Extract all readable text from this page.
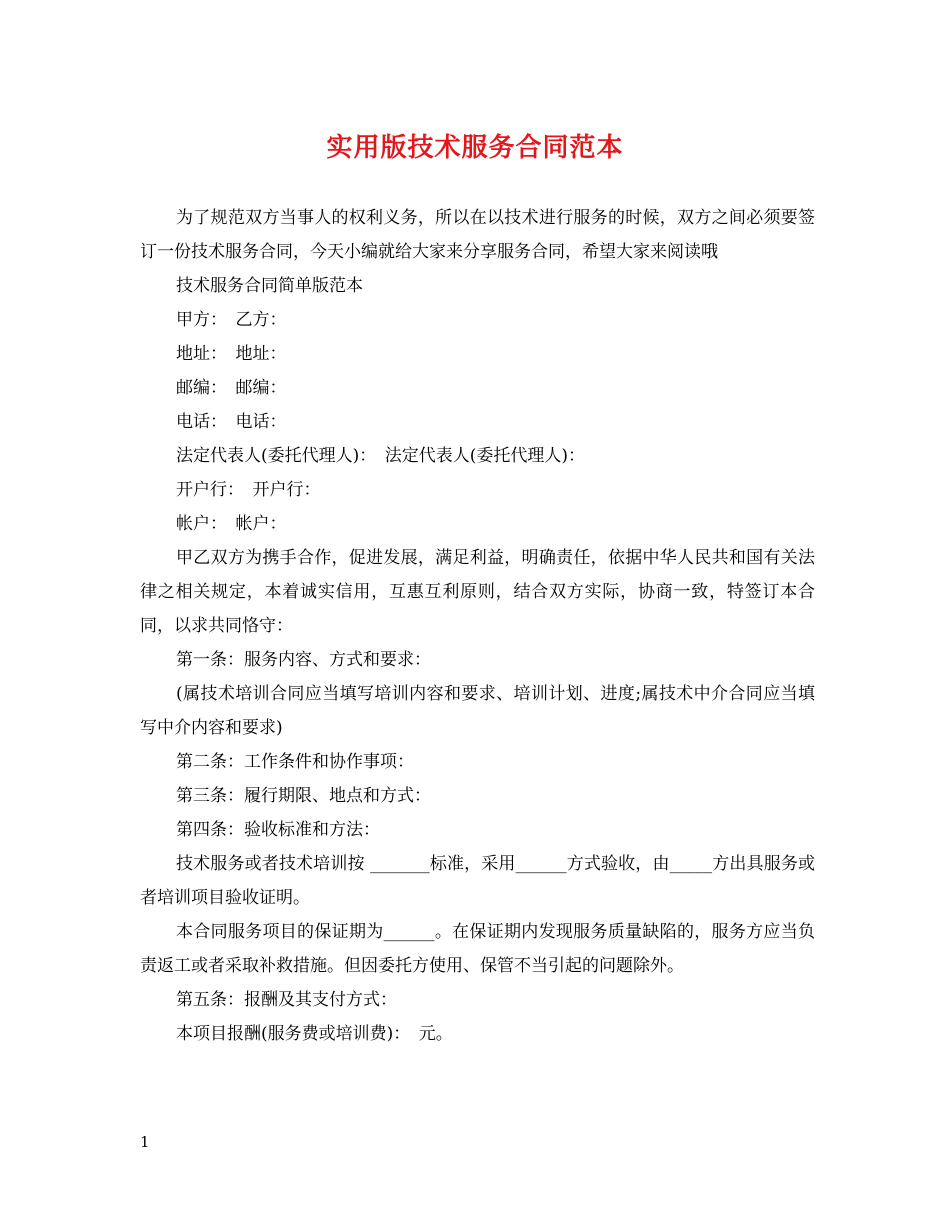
实用版技术服务合同范本

为了规范双方当事人的权利义务，所以在以技术进行服务的时候，双方之间必须要签订一份技术服务合同，今天小编就给大家来分享服务合同，希望大家来阅读哦

技术服务合同简单版范本

甲方：　乙方：

地址：　地址：

邮编：　邮编：

电话：　电话：

法定代表人(委托代理人)：　法定代表人(委托代理人)：

开户行：　开户行：

帐户：　帐户：

甲乙双方为携手合作，促进发展，满足利益，明确责任，依据中华人民共和国有关法律之相关规定，本着诚实信用，互惠互利原则，结合双方实际，协商一致，特签订本合同，以求共同恪守：

第一条：服务内容、方式和要求：

(属技术培训合同应当填写培训内容和要求、培训计划、进度;属技术中介合同应当填写中介内容和要求)

第二条：工作条件和协作事项：

第三条：履行期限、地点和方式：

第四条：验收标准和方法：

技术服务或者技术培训按 _______标准，采用______方式验收，由_____方出具服务或者培训项目验收证明。

本合同服务项目的保证期为______。在保证期内发现服务质量缺陷的，服务方应当负责返工或者采取补救措施。但因委托方使用、保管不当引起的问题除外。

第五条：报酬及其支付方式：

本项目报酬(服务费或培训费)：　元。

1
